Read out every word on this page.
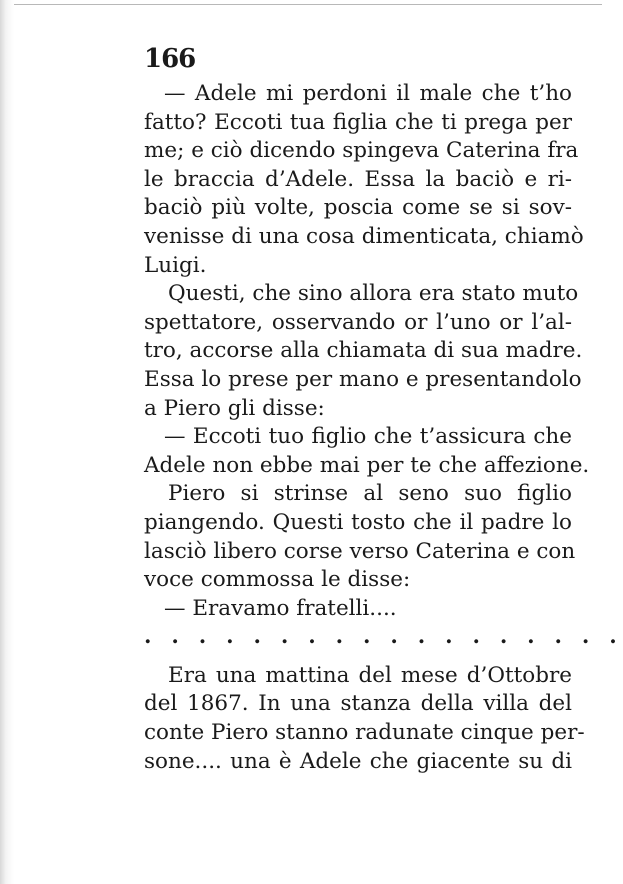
166
— Adele mi perdoni il male che t’ho
fatto? Eccoti tua figlia che ti prega per
me; e ciò dicendo spingeva Caterina fra
le braccia d’Adele. Essa la baciò e ri-
baciò più volte, poscia come se si sov-
venisse di una cosa dimenticata, chiamò
Luigi.
Questi, che sino allora era stato muto
spettatore, osservando or l’uno or l’al-
tro, accorse alla chiamata di sua madre.
Essa lo prese per mano e presentandolo
a Piero gli disse:
— Eccoti tuo figlio che t’assicura che
Adele non ebbe mai per te che affezione.
Piero si strinse al seno suo figlio
piangendo. Questi tosto che il padre lo
lasciò libero corse verso Caterina e con
voce commossa le disse:
— Eravamo fratelli....
. . . . . . . . . . . . . . . . . .
Era una mattina del mese d’Ottobre
del 1867. In una stanza della villa del
conte Piero stanno radunate cinque per-
sone.... una è Adele che giacente su di
